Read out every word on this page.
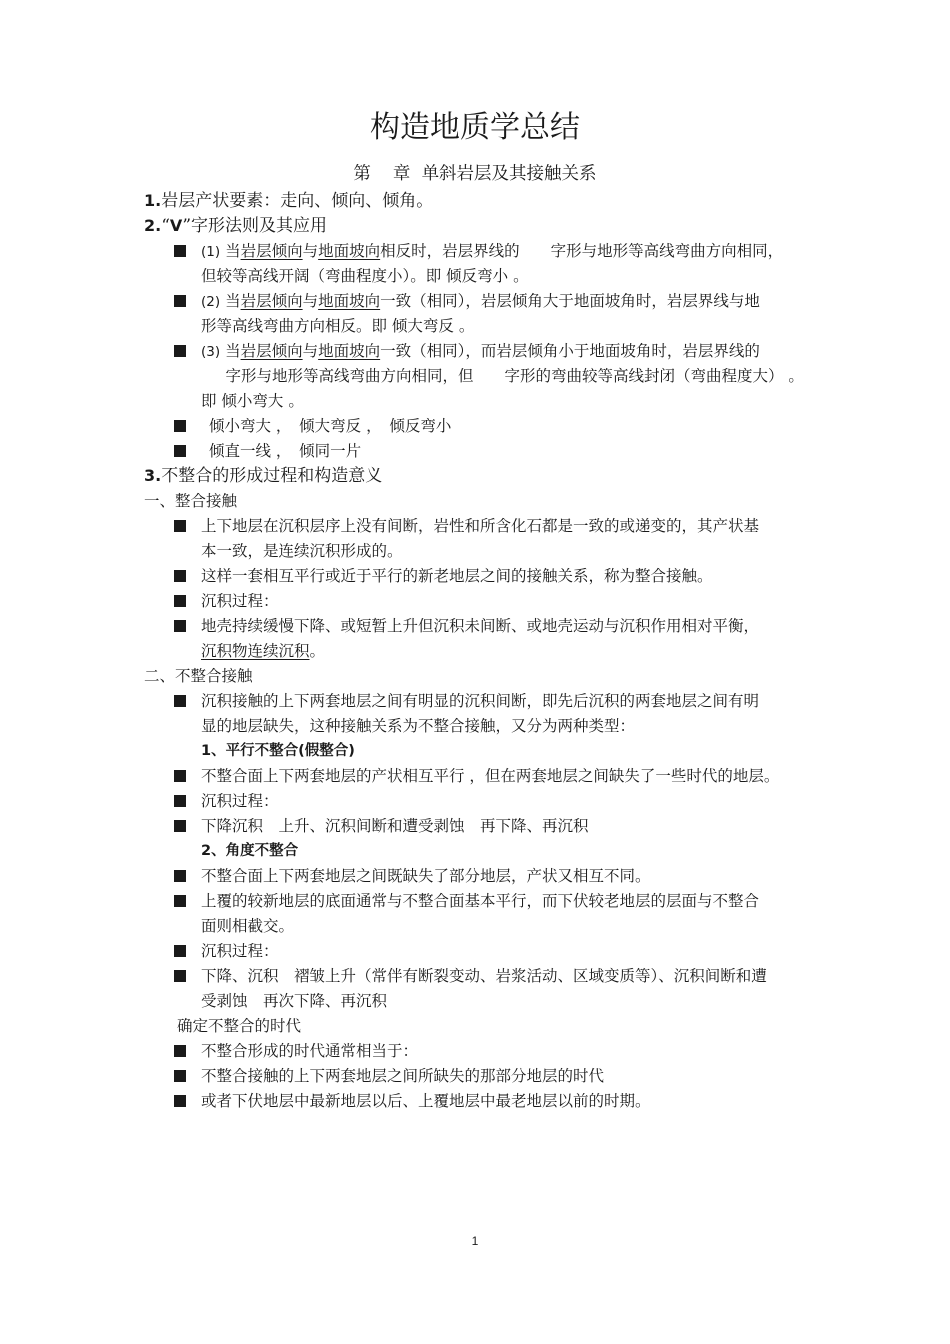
构造地质学总结
第 章 单斜岩层及其接触关系
1.岩层产状要素：走向、倾向、倾角。
2.“V”字形法则及其应用
(1) 当岩层倾向与地面坡向相反时，岩层界线的　　字形与地形等高线弯曲方向相同，
但较等高线开阔（弯曲程度小）。即 倾反弯小 。
(2) 当岩层倾向与地面坡向一致（相同），岩层倾角大于地面坡角时，岩层界线与地
形等高线弯曲方向相反。即 倾大弯反 。
(3) 当岩层倾向与地面坡向一致（相同），而岩层倾角小于地面坡角时，岩层界线的
　字形与地形等高线弯曲方向相同，但　　字形的弯曲较等高线封闭（弯曲程度大） 。
即 倾小弯大 。
倾小弯大 ，　倾大弯反 ，　倾反弯小
倾直一线 ，　倾同一片
3.不整合的形成过程和构造意义
一、整合接触
上下地层在沉积层序上没有间断，岩性和所含化石都是一致的或递变的，其产状基
本一致，是连续沉积形成的。
这样一套相互平行或近于平行的新老地层之间的接触关系，称为整合接触。
沉积过程：
地壳持续缓慢下降、或短暂上升但沉积未间断、或地壳运动与沉积作用相对平衡，
沉积物连续沉积。
二、不整合接触
沉积接触的上下两套地层之间有明显的沉积间断，即先后沉积的两套地层之间有明
显的地层缺失，这种接触关系为不整合接触，又分为两种类型：
1、平行不整合(假整合)
不整合面上下两套地层的产状相互平行 ，但在两套地层之间缺失了一些时代的地层。
沉积过程：
下降沉积　上升、沉积间断和遭受剥蚀　再下降、再沉积
2、角度不整合
不整合面上下两套地层之间既缺失了部分地层，产状又相互不同。
上覆的较新地层的底面通常与不整合面基本平行，而下伏较老地层的层面与不整合
面则相截交。
沉积过程：
下降、沉积　褶皱上升（常伴有断裂变动、岩浆活动、区域变质等）、沉积间断和遭
受剥蚀　再次下降、再沉积
确定不整合的时代
不整合形成的时代通常相当于：
不整合接触的上下两套地层之间所缺失的那部分地层的时代
或者下伏地层中最新地层以后、上覆地层中最老地层以前的时期。
1
